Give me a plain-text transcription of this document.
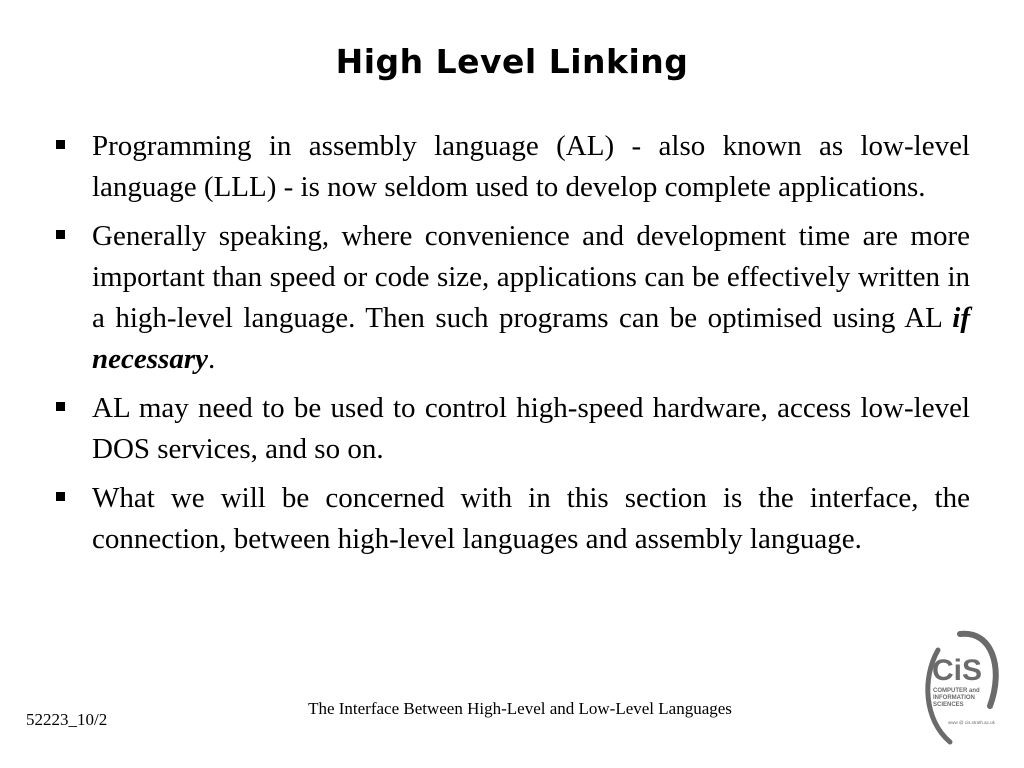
High Level Linking
Programming in assembly language (AL) - also known as low-level language (LLL) - is now seldom used to develop complete applications.
Generally speaking, where convenience and development time are more important than speed or code size, applications can be effectively written in a high-level language. Then such programs can be optimised using AL if necessary.
AL may need to be used to control high-speed hardware, access low-level DOS services, and so on.
What we will be concerned with in this section is the interface, the connection, between high-level languages and assembly language.
52223_10/2
The Interface Between High-Level and Low-Level Languages
CiS
COMPUTER and
INFORMATION
SCIENCES
www @ cis.strath.ac.uk
